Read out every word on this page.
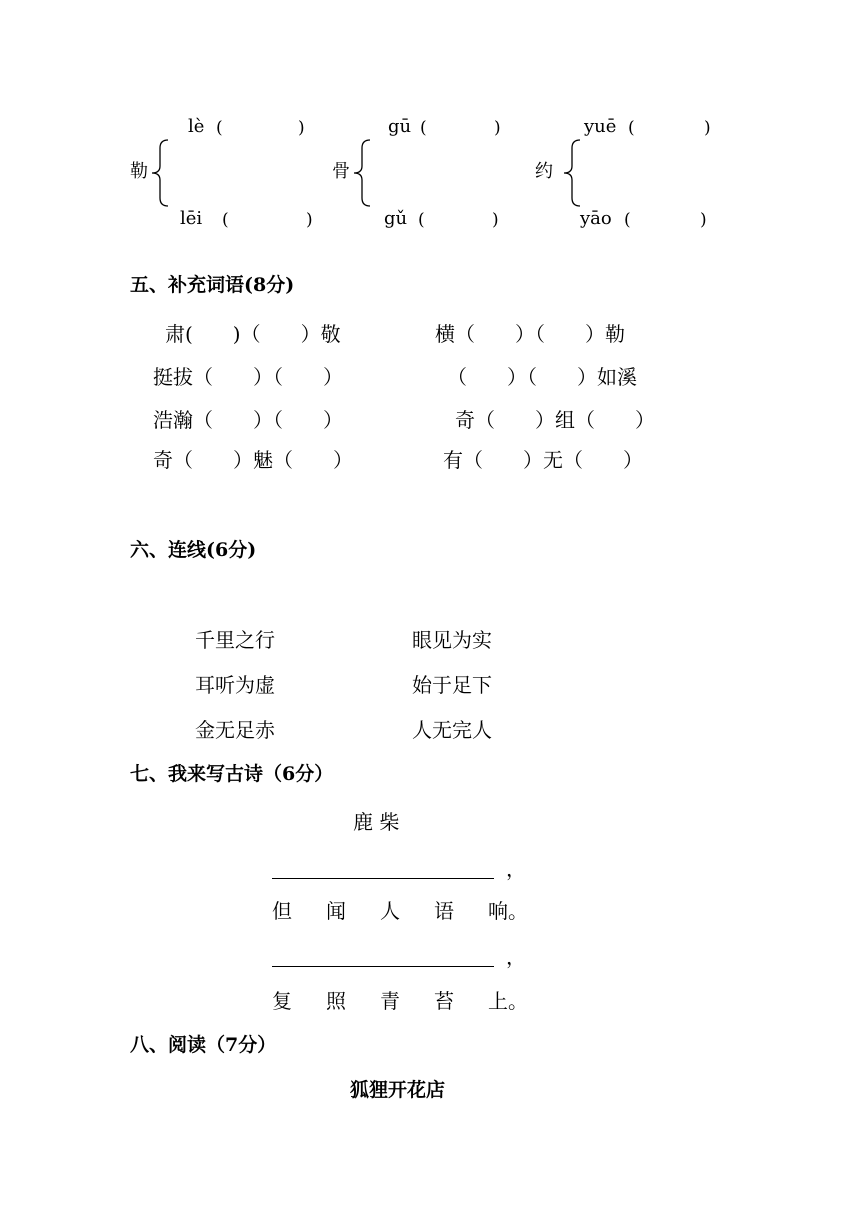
lè (	)
勒
lēi (	)
gū (	)
骨
gǔ (	)
yuē (	)
约
yāo (	)
五、补充词语(8分)
肃(　　)（　　）敬	横（　　）（　　）勒
挺拔（　　）（　　）	（　　）（　　）如溪
浩瀚（　　）（　　）	奇（　　）组（　　）
奇（　　）魅（　　）	有（　　）无（　　）
六、连线(6分)
千里之行
耳听为虚
金无足赤
眼见为实
始于足下
人无完人
七、我来写古诗（6分）
鹿 柴
，
但 闻 人 语 响。
，
复 照 青 苔 上。
八、阅读（7分）
狐狸开花店
